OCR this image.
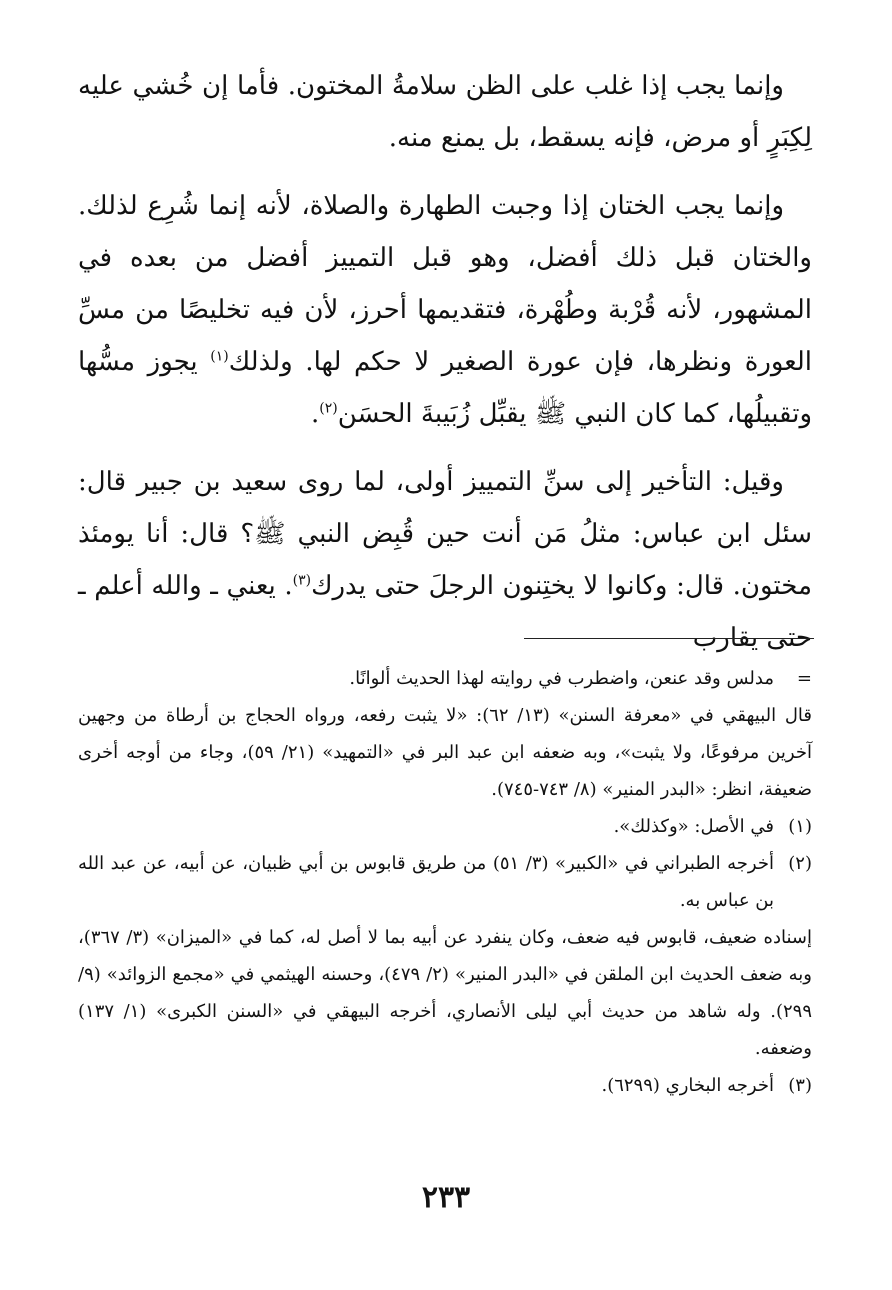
وإنما يجب إذا غلب على الظن سلامةُ المختون. فأما إن خُشي عليه لِكِبَرٍ أو مرض، فإنه يسقط، بل يمنع منه.

وإنما يجب الختان إذا وجبت الطهارة والصلاة، لأنه إنما شُرِع لذلك. والختان قبل ذلك أفضل، وهو قبل التمييز أفضل من بعده في المشهور، لأنه قُرْبة وطُهْرة، فتقديمها أحرز، لأن فيه تخليصًا من مسِّ العورة ونظرها، فإن عورة الصغير لا حكم لها. ولذلك$^{(١)}$ يجوز مسُّها وتقبيلُها، كما كان النبي ﷺ يقبِّل زُبَيبةَ الحسَن$^{(٢)}$.

وقيل: التأخير إلى سنِّ التمييز أولى، لما روى سعيد بن جبير قال: سئل ابن عباس: مثلُ مَن أنت حين قُبِض النبي ﷺ؟ قال: أنا يومئذ مختون. قال: وكانوا لا يختِنون الرجلَ حتى يدرك$^{(٣)}$. يعني ـ والله أعلم ـ حتى يقارب

=
مدلس وقد عنعن، واضطرب في روايته لهذا الحديث ألوانًا.
قال البيهقي في «معرفة السنن» (١٣/ ٦٢): «لا يثبت رفعه، ورواه الحجاج بن أرطاة من وجهين آخرين مرفوعًا، ولا يثبت»، وبه ضعفه ابن عبد البر في «التمهيد» (٢١/ ٥٩)، وجاء من أوجه أخرى ضعيفة، انظر: «البدر المنير» (٨/ ٧٤٣-٧٤٥).
(١)
في الأصل: «وكذلك».
(٢)
أخرجه الطبراني في «الكبير» (٣/ ٥١) من طريق قابوس بن أبي ظبيان، عن أبيه، عن عبد الله بن عباس به.
إسناده ضعيف، قابوس فيه ضعف، وكان ينفرد عن أبيه بما لا أصل له، كما في «الميزان» (٣/ ٣٦٧)، وبه ضعف الحديث ابن الملقن في «البدر المنير» (٢/ ٤٧٩)، وحسنه الهيثمي في «مجمع الزوائد» (٩/ ٢٩٩). وله شاهد من حديث أبي ليلى الأنصاري، أخرجه البيهقي في «السنن الكبرى» (١/ ١٣٧) وضعفه.
(٣)
أخرجه البخاري (٦٢٩٩).
٢٣٣
